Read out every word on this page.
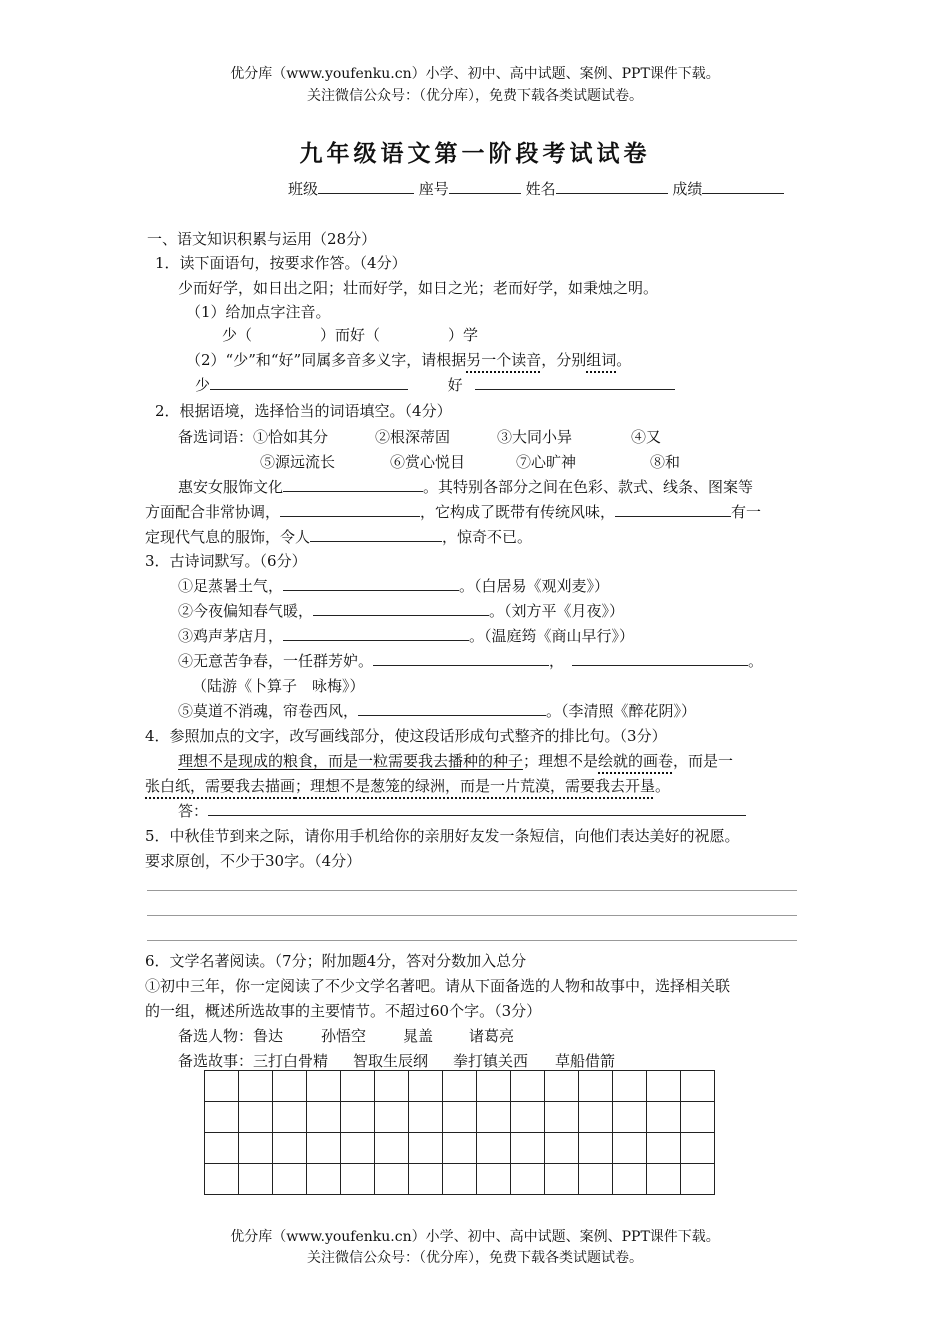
优分库（www.youfenku.cn）小学、初中、高中试题、案例、PPT课件下载。
关注微信公众号：（优分库），免费下载各类试题试卷。
九年级语文第一阶段考试试卷
班级	座号	姓名	成绩
一、语文知识积累与运用（28分）
1．读下面语句，按要求作答。（4分）
少而好学，如日出之阳；壮而好学，如日之光；老而好学，如秉烛之明。
（1）给加点字注音。
少（	）而好（	）学
（2）“少”和“好”同属多音多义字，请根据另一个读音，分别组词。
少	好
2．根据语境，选择恰当的词语填空。（4分）
备选词语：①恰如其分	②根深蒂固	③大同小异	④又
⑤源远流长	⑥赏心悦目	⑦心旷神	⑧和
惠安女服饰文化	。其特别各部分之间在色彩、款式、线条、图案等
方面配合非常协调，	，它构成了既带有传统风味，	有一
定现代气息的服饰，令人	，惊奇不已。
3．古诗词默写。（6分）
①足蒸暑土气，	。（白居易《观刈麦》）
②今夜偏知春气暖，	。（刘方平《月夜》）
③鸡声茅店月，	。（温庭筠《商山早行》）
④无意苦争春，一任群芳妒。	，	。
（陆游《卜算子　咏梅》）
⑤莫道不消魂，帘卷西风，	。（李清照《醉花阴》）
4．参照加点的文字，改写画线部分，使这段话形成句式整齐的排比句。（3分）
理想不是现成的粮食，而是一粒需要我去播种的种子；理想不是绘就的画卷，而是一
张白纸，需要我去描画；理想不是葱笼的绿洲，而是一片荒漠，需要我去开垦。
答：
5．中秋佳节到来之际，请你用手机给你的亲朋好友发一条短信，向他们表达美好的祝愿。
要求原创，不少于30字。（4分）
6．文学名著阅读。（7分；附加题4分，答对分数加入总分
①初中三年，你一定阅读了不少文学名著吧。请从下面备选的人物和故事中，选择相关联
的一组，概述所选故事的主要情节。不超过60个字。（3分）
备选人物：鲁达	孙悟空 晁盖 诸葛亮
备选故事：三打白骨精 智取生辰纲 拳打镇关西 草船借箭

优分库（www.youfenku.cn）小学、初中、高中试题、案例、PPT课件下载。
关注微信公众号：（优分库），免费下载各类试题试卷。
